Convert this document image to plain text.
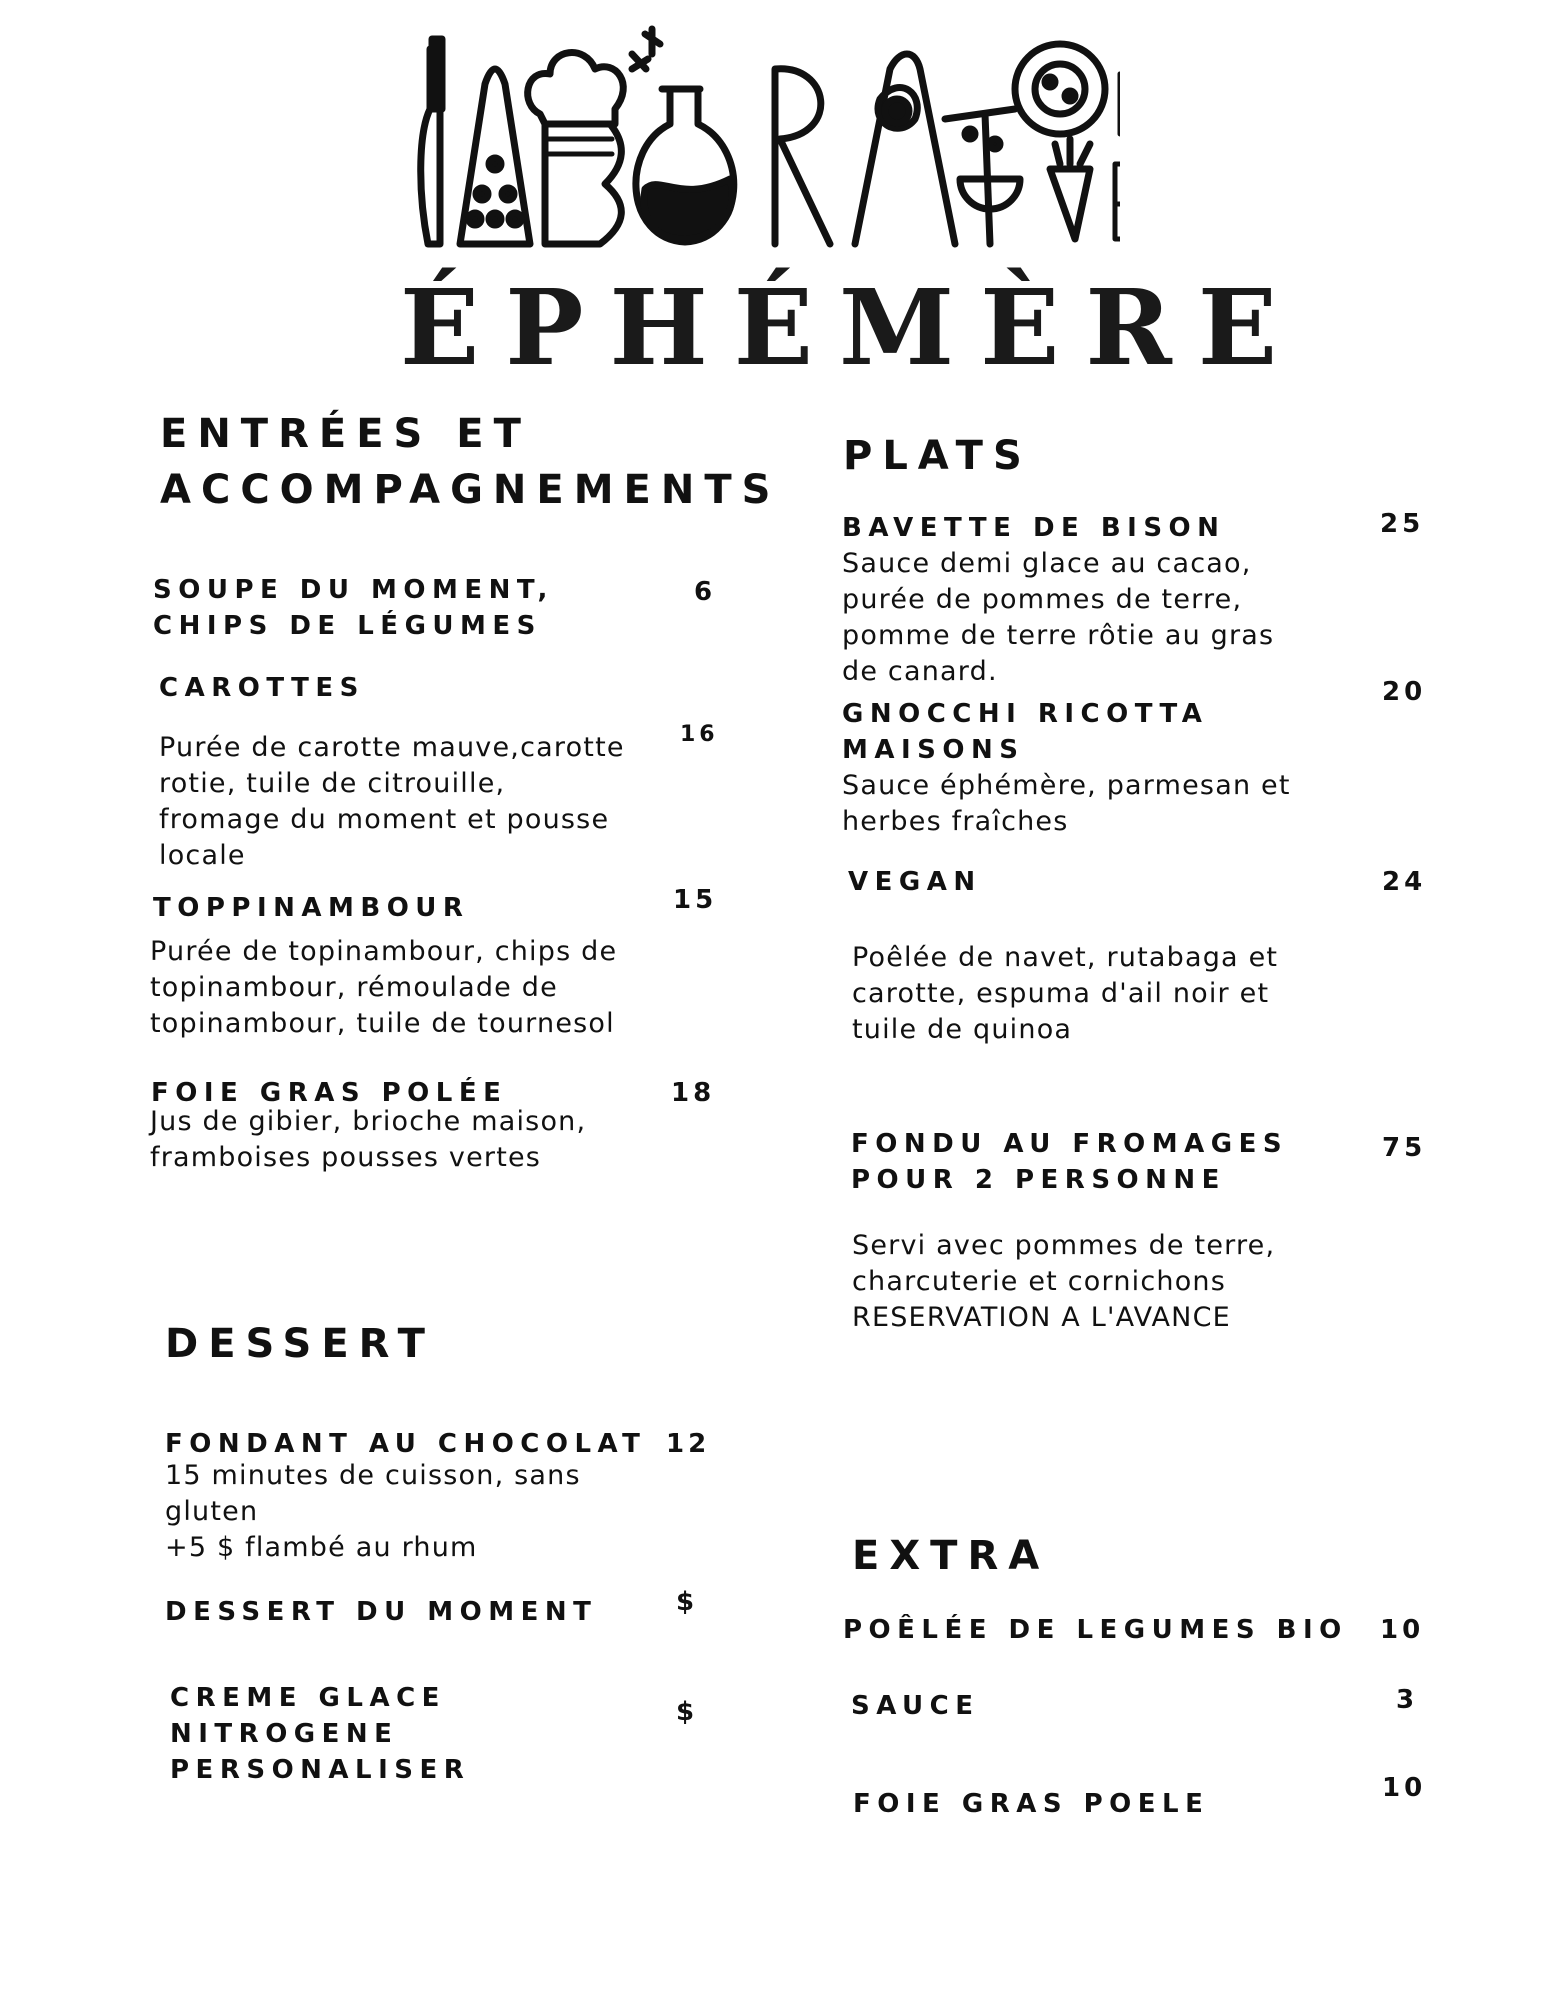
ÉPHÉMÈRE
ENTRÉES ET
ACCOMPAGNEMENTS
SOUPE DU MOMENT,
CHIPS DE LÉGUMES
6
CAROTTES
16
Purée de carotte mauve,carotte
rotie, tuile de citrouille,
fromage du moment et pousse
locale
TOPPINAMBOUR	15
Purée de topinambour, chips de
topinambour, rémoulade de
topinambour, tuile de tournesol
FOIE GRAS POLÉE	18
Jus de gibier, brioche maison,
framboises pousses vertes
PLATS
BAVETTE DE BISON	25
Sauce demi glace au cacao,
purée de pommes de terre,
pomme de terre rôtie au gras
de canard.
GNOCCHI RICOTTA
MAISONS
20
Sauce éphémère, parmesan et
herbes fraîches
VEGAN	24
Poêlée de navet, rutabaga et
carotte, espuma d'ail noir et
tuile de quinoa
FONDU AU FROMAGES
POUR 2 PERSONNE
75
Servi avec pommes de terre,
charcuterie et cornichons
RESERVATION A L'AVANCE
DESSERT
FONDANT AU CHOCOLAT 12
15 minutes de cuisson, sans
gluten
+5 $ flambé au rhum
DESSERT DU MOMENT	$
CREME GLACE
NITROGENE
PERSONALISER
$
EXTRA
POÊLÉE DE LEGUMES BIO 10
SAUCE	3
FOIE GRAS POELE
10
